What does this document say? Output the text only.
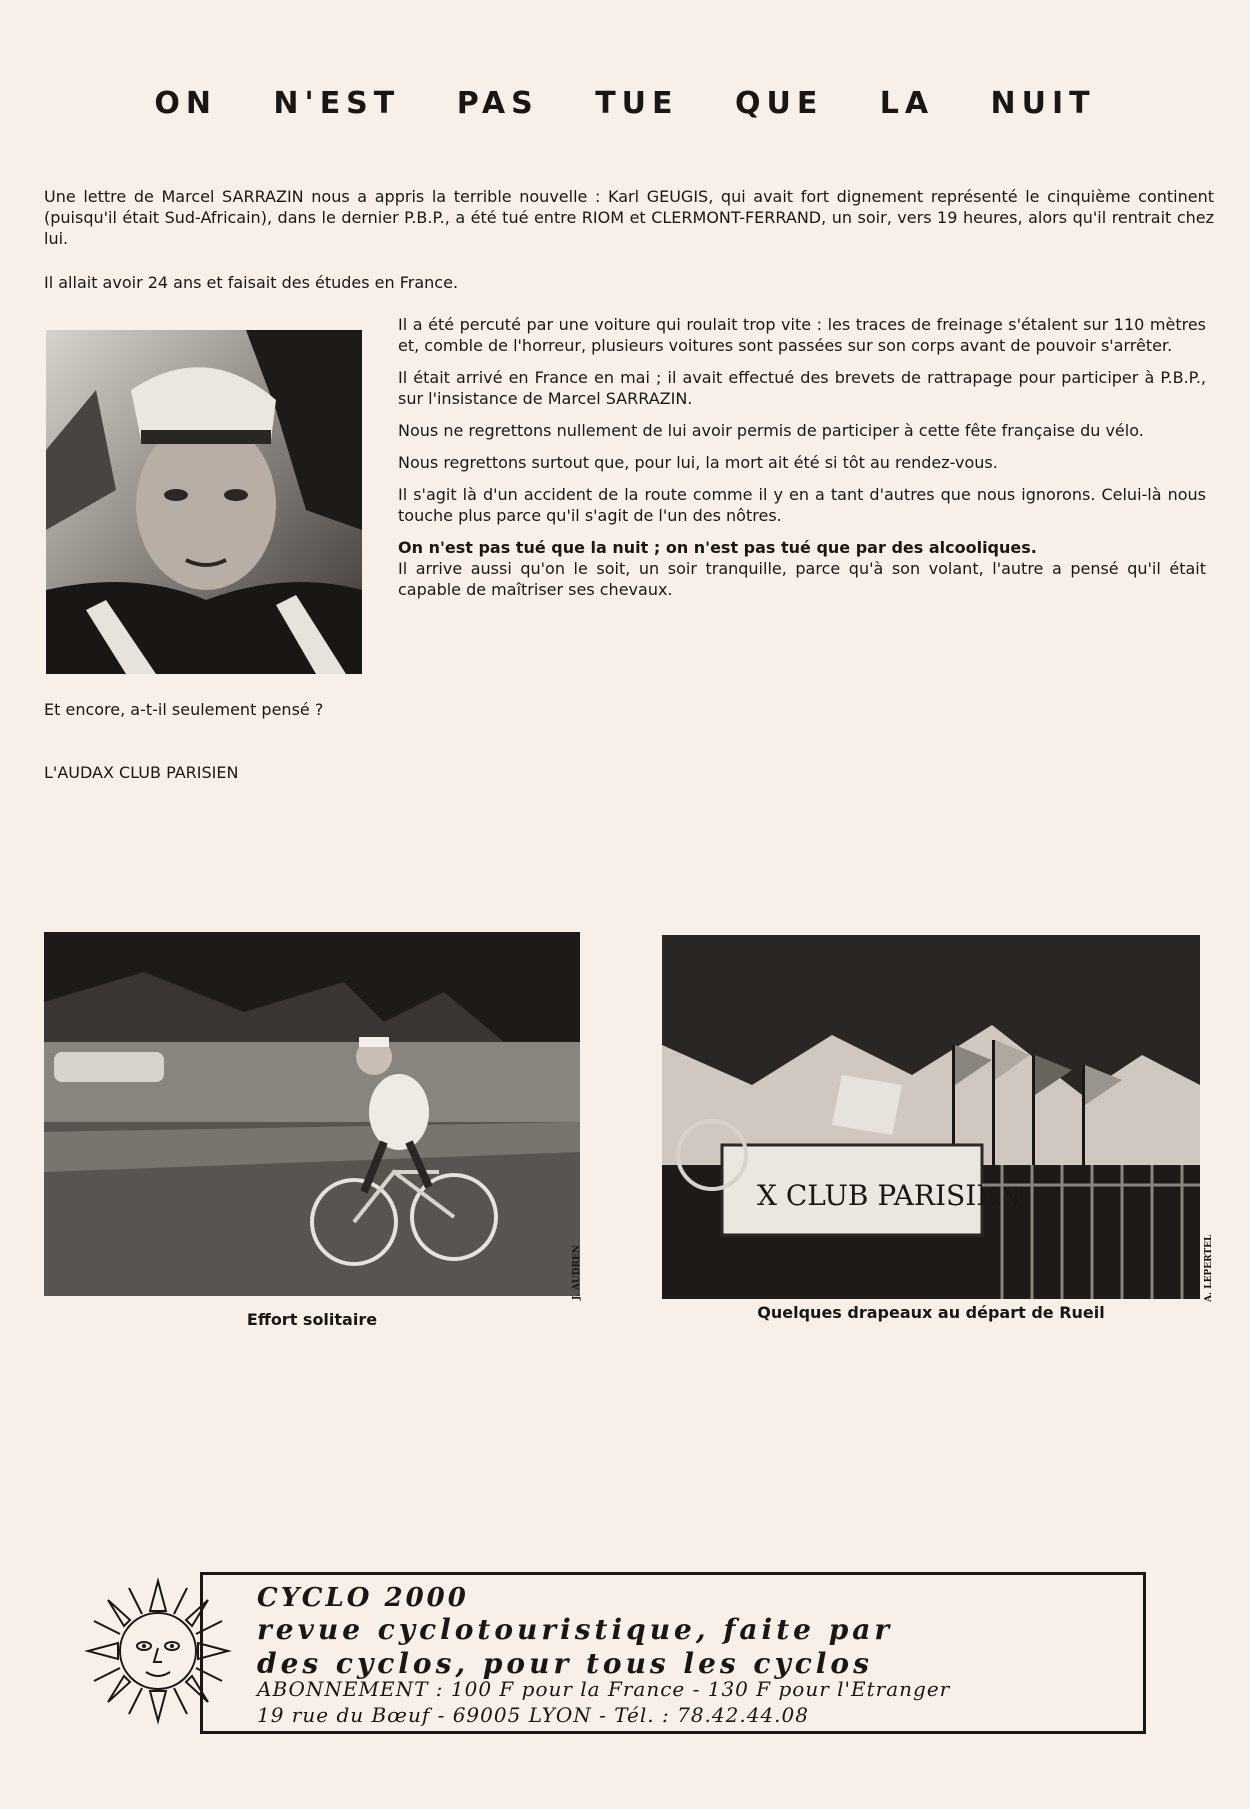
ON N'EST PAS TUE QUE LA NUIT
Une lettre de Marcel SARRAZIN nous a appris la terrible nouvelle : Karl GEUGIS, qui avait fort dignement représenté le cinquième continent (puisqu'il était Sud-Africain), dans le dernier P.B.P., a été tué entre RIOM et CLERMONT-FERRAND, un soir, vers 19 heures, alors qu'il rentrait chez lui.
Il allait avoir 24 ans et faisait des études en France.

Il a été percuté par une voiture qui roulait trop vite : les traces de freinage s'étalent sur 110 mètres et, comble de l'horreur, plusieurs voitures sont passées sur son corps avant de pouvoir s'arrêter.

Il était arrivé en France en mai ; il avait effectué des brevets de rattrapage pour participer à P.B.P., sur l'insistance de Marcel SARRAZIN.

Nous ne regrettons nullement de lui avoir permis de participer à cette fête française du vélo.

Nous regrettons surtout que, pour lui, la mort ait été si tôt au rendez-vous.

Il s'agit là d'un accident de la route comme il y en a tant d'autres que nous ignorons. Celui-là nous touche plus parce qu'il s'agit de l'un des nôtres.

On n'est pas tué que la nuit ; on n'est pas tué que par des alcooliques.

Il arrive aussi qu'on le soit, un soir tranquille, parce qu'à son volant, l'autre a pensé qu'il était capable de maîtriser ses chevaux.

Et encore, a-t-il seulement pensé ?
L'AUDAX CLUB PARISIEN
J. AUDREN
Effort solitaire
X CLUB PARISIEN
A. LEPERTEL
Quelques drapeaux au départ de Rueil
CYCLO 2000
revue cyclotouristique, faite par
des cyclos, pour tous les cyclos
ABONNEMENT : 100 F pour la France - 130 F pour l'Etranger
19 rue du Bœuf - 69005 LYON - Tél. : 78.42.44.08
